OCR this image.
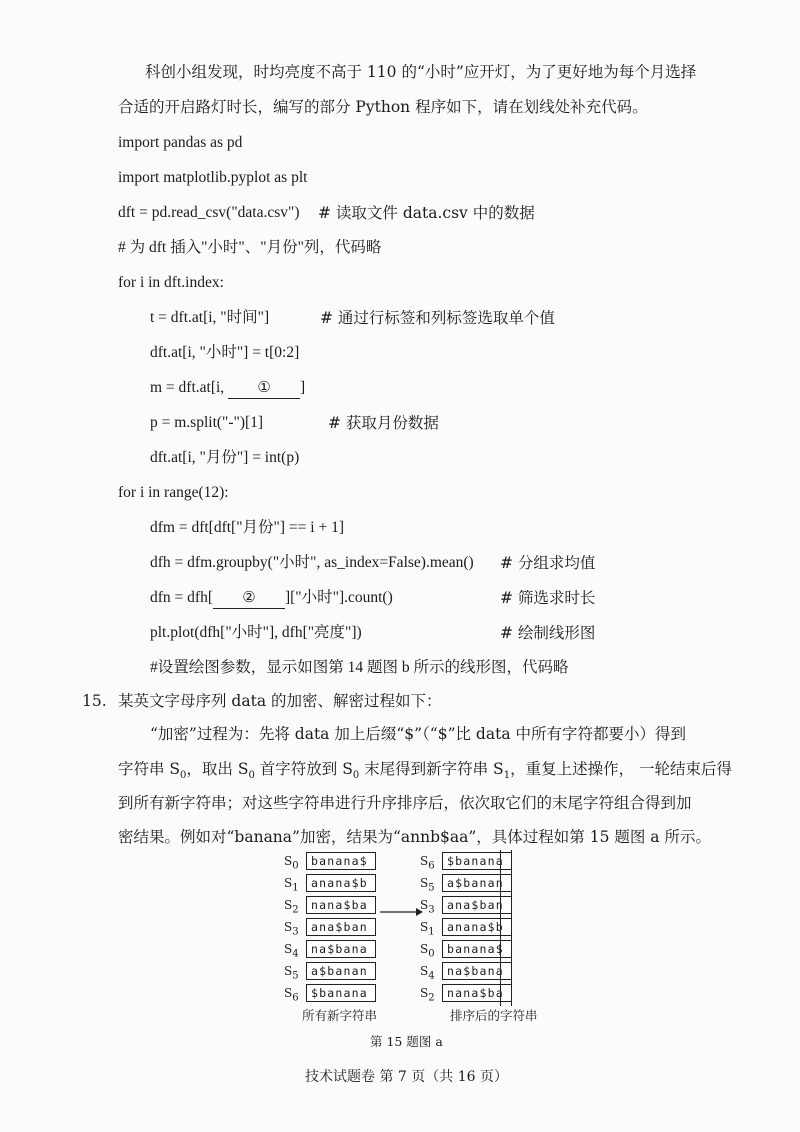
科创小组发现，时均亮度不高于 110 的“小时”应开灯，为了更好地为每个月选择
合适的开启路灯时长，编写的部分 Python 程序如下，请在划线处补充代码。
import pandas as pd
import matplotlib.pyplot as plt
dft = pd.read_csv("data.csv") # 读取文件 data.csv 中的数据
# 为 dft 插入"小时"、"月份"列，代码略
for i in dft.index:
t = dft.at[i, "时间"]	# 通过行标签和列标签选取单个值
dft.at[i, "小时"] = t[0:2]
m = dft.at[i, ① ]
p = m.split("-")[1]	# 获取月份数据
dft.at[i, "月份"] = int(p)
for i in range(12):
dfm = dft[dft["月份"] == i + 1]
dfh = dfm.groupby("小时", as_index=False).mean() # 分组求均值
dfn = dfh[ ② ]["小时"].count()	# 筛选求时长
plt.plot(dfh["小时"], dfh["亮度"])	# 绘制线形图
#设置绘图参数，显示如图第 14 题图 b 所示的线形图，代码略
15. 某英文字母序列 data 的加密、解密过程如下：
“加密”过程为：先将 data 加上后缀“$”（“$”比 data 中所有字符都要小）得到
字符串 $S_0$，取出 $S_0$ 首字符放到 $S_0$ 末尾得到新字符串 $S_1$，重复上述操作， 一轮结束后得
到所有新字符串；对这些字符串进行升序排序后，依次取它们的末尾字符组合得到加
密结果。例如对“banana”加密，结果为“annb$aa”，具体过程如第 15 题图 a 所示。
$S_0$	banana$
$S_1$	anana$b
$S_2$	nana$ba
$S_3$	ana$ban
$S_4$	na$bana
$S_5$	a$banan
$S_6$	$banana
$S_6$	$banana
$S_5$	a$banan
$S_3$	ana$ban
$S_1$	anana$b
$S_0$	banana$
$S_4$	na$bana
$S_2$	nana$ba
所有新字符串	排序后的字符串
第 15 题图 a
技术试题卷 第 7 页（共 16 页）
